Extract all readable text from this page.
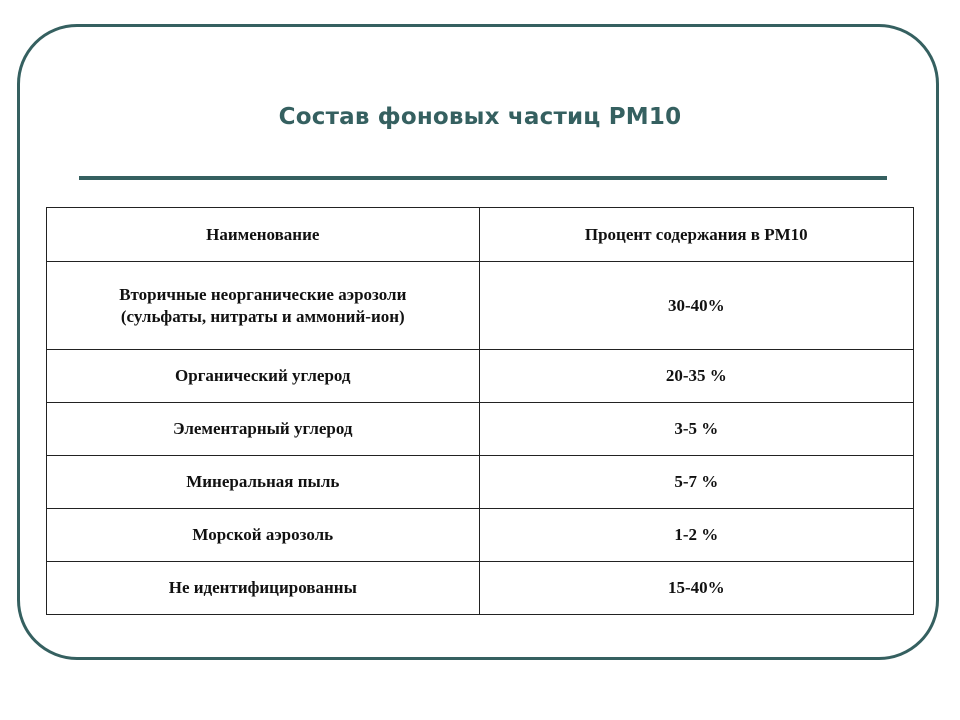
Состав фоновых частиц PM10
Наименование	Процент содержания в PM10
Вторичные неорганические аэрозоли
(сульфаты, нитраты и аммоний-ион)	30-40%
Органический углерод	20-35 %
Элементарный углерод	3-5 %
Минеральная пыль	5-7 %
Морской аэрозоль	1-2 %
Не идентифицированны	15-40%
